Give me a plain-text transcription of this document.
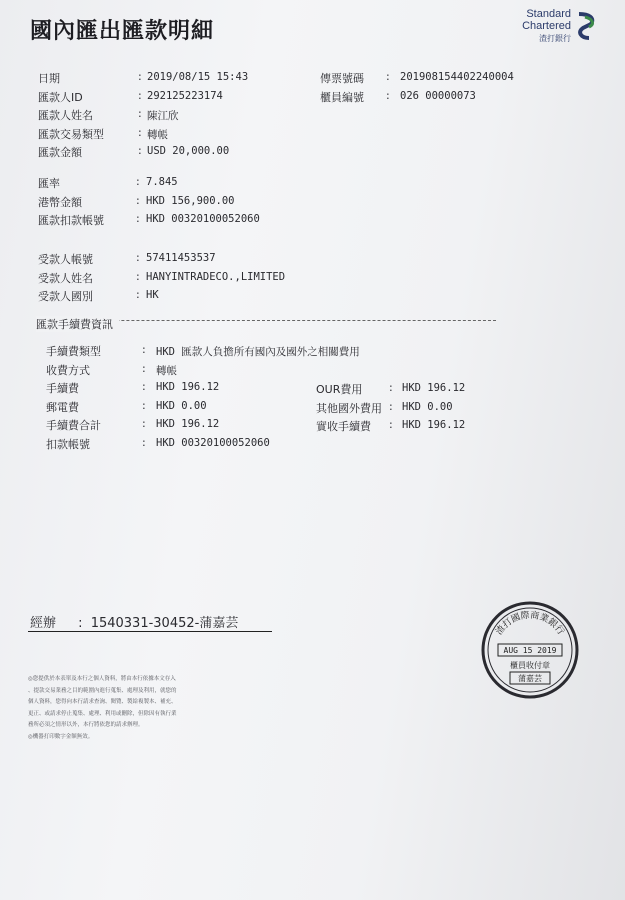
國內匯出匯款明細
Standard
Chartered
渣打銀行
日期	: 2019/08/15 15:43
匯款人ID	: 29212522317​4
匯款人姓名	: 陳江欣
匯款交易類型	: 轉帳
匯款金額	: USD 20,000.00
傳票號碼 : 201908154402240004
櫃員編號 : 026 00000073
匯率	: 7.845
港幣金額	: HKD 156,900.00
匯款扣款帳號	: HKD 00320100052060
受款人帳號	: 57411453537
受款人姓名	: HANYINTRADECO.,LIMITED
受款人國別	: HK
匯款手續費資訊
手續費類型	: HKD 匯款人負擔所有國內及國外之相關費用
收費方式	: 轉帳
手續費	: HKD 196.12
郵電費	: HKD 0.00
手續費合計	: HKD 196.12
扣款帳號	: HKD 00320100052060
OUR費用 : HKD 196.12
其他國外費用 : HKD 0.00
實收手續費 : HKD 196.12
經辦 : 1540331-30452-蒲嘉芸
◎您提供於本表單及本行之個人資料，將由本行依據本文存入
、提款交易業務之目的範圍內進行蒐集、處理及利用，就您的
個人資料，您得向本行請求查詢、閱覽、製給複製本、補充、
更正、或請求停止蒐集、處理、利用或刪除，但除因有執行業
務所必須之情形以外，本行將依您的請求辦理。
◎機器打印數字金額無效。
渣打國際商業銀行
AUG 15 2019
櫃員收付章
蒲嘉芸
